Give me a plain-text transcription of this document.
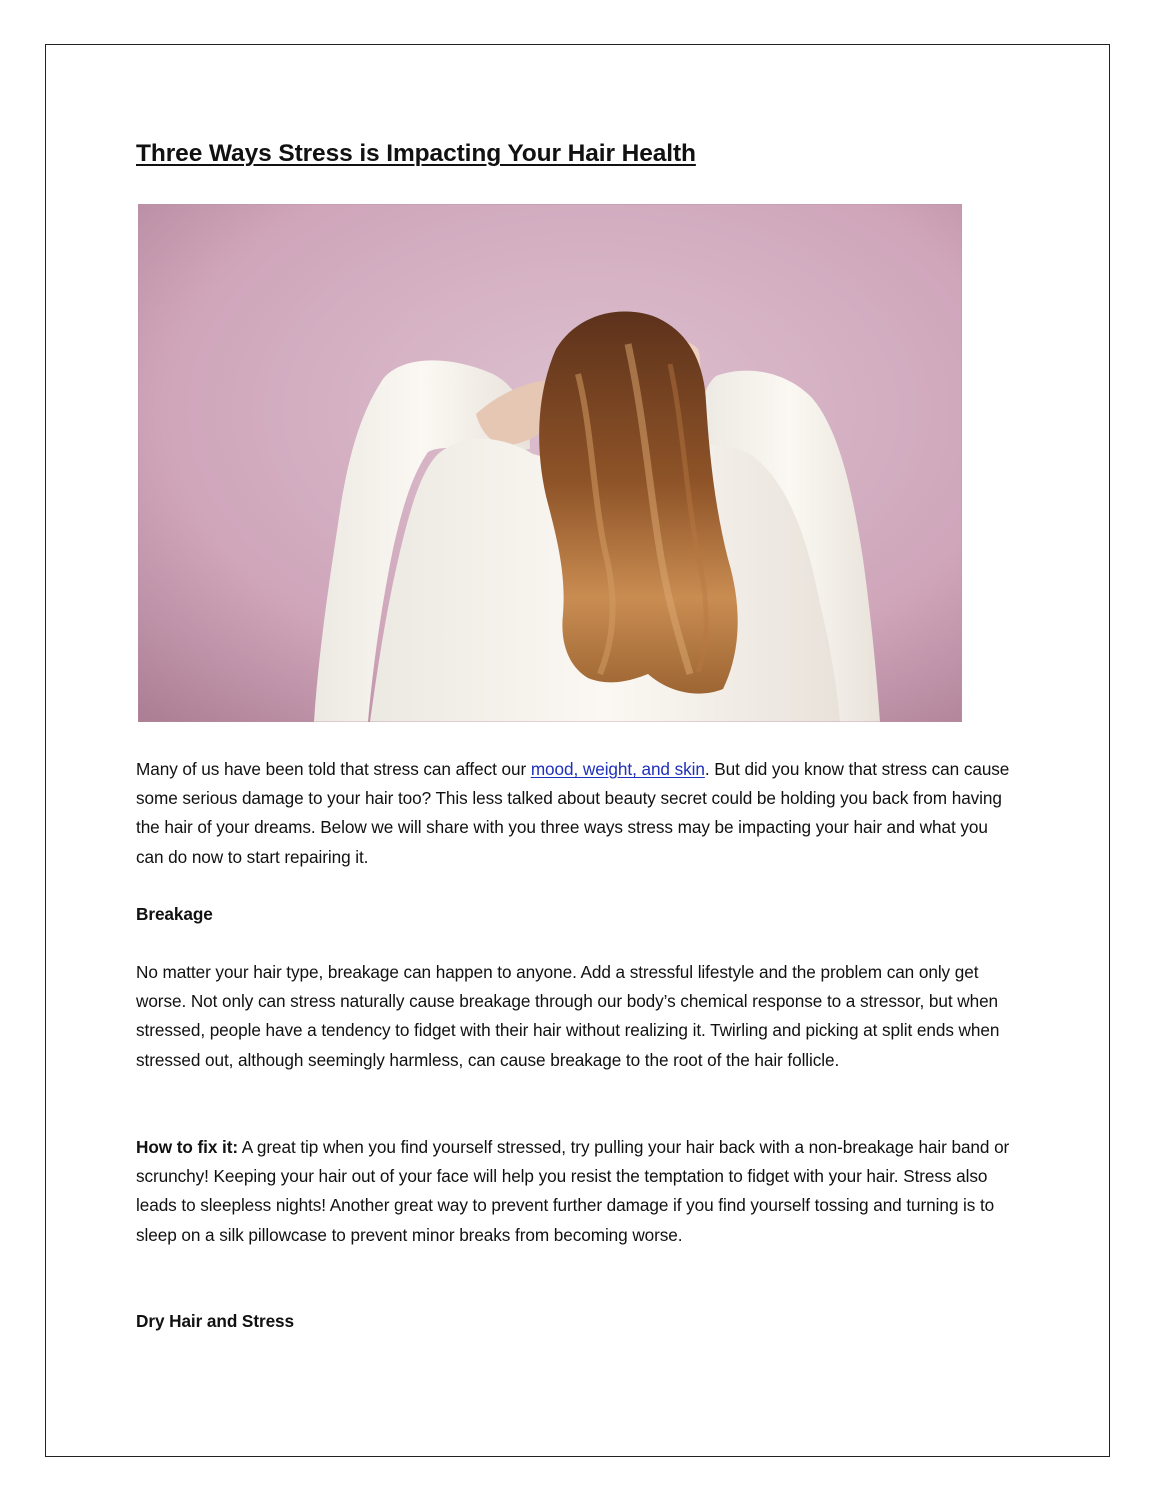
Three Ways Stress is Impacting Your Hair Health

Many of us have been told that stress can affect our mood, weight, and skin. But did you know that stress can cause some serious damage to your hair too? This less talked about beauty secret could be holding you back from having the hair of your dreams. Below we will share with you three ways stress may be impacting your hair and what you can do now to start repairing it.

Breakage

No matter your hair type, breakage can happen to anyone. Add a stressful lifestyle and the problem can only get worse. Not only can stress naturally cause breakage through our body’s chemical response to a stressor, but when stressed, people have a tendency to fidget with their hair without realizing it. Twirling and picking at split ends when stressed out, although seemingly harmless, can cause breakage to the root of the hair follicle.

How to fix it: A great tip when you find yourself stressed, try pulling your hair back with a non-breakage hair band or scrunchy! Keeping your hair out of your face will help you resist the temptation to fidget with your hair. Stress also leads to sleepless nights! Another great way to prevent further damage if you find yourself tossing and turning is to sleep on a silk pillowcase to prevent minor breaks from becoming worse.

Dry Hair and Stress
